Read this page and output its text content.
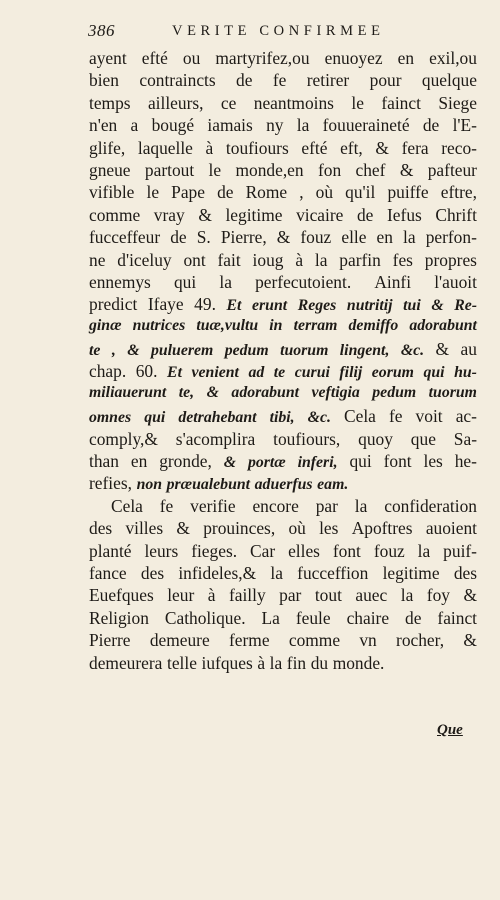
386	VERITE CONFIRMEE
ayent efté ou martyrifez,ou enuoyez en exil,ou
bien contraincts de fe retirer pour quelque
temps ailleurs, ce neantmoins le fainct Siege
n'en a bougé iamais ny la fouueraineté de l'E-
glife, laquelle à toufiours efté eft, & fera reco-
gneue partout le monde,en fon chef & pafteur
vifible le Pape de Rome , où qu'il puiffe eftre,
comme vray & legitime vicaire de Iefus Chrift
fucceffeur de S. Pierre, & fouz elle en la perfon-
ne d'iceluy ont fait ioug à la parfin fes propres
ennemys qui la perfecutoient. Ainfi l'auoit
predict Ifaye 49. Et erunt Reges nutritij tui & Re-
ginæ nutrices tuæ,vultu in terram demiffo adorabunt
te , & puluerem pedum tuorum lingent, &c. & au
chap. 60. Et venient ad te curui filij eorum qui hu-
miliauerunt te, & adorabunt veftigia pedum tuorum
omnes qui detrahebant tibi, &c. Cela fe voit ac-
comply,& s'acomplira toufiours, quoy que Sa-
than en gronde, & portæ inferi, qui font les he-
refies, non præualebunt aduerfus eam.
Cela fe verifie encore par la confideration
des villes & prouinces, où les Apoftres auoient
planté leurs fieges. Car elles font fouz la puif-
fance des infideles,& la fucceffion legitime des
Euefques leur à failly par tout auec la foy &
Religion Catholique. La feule chaire de fainct
Pierre demeure ferme comme vn rocher, &
demeurera telle iufques à la fin du monde.
Que
